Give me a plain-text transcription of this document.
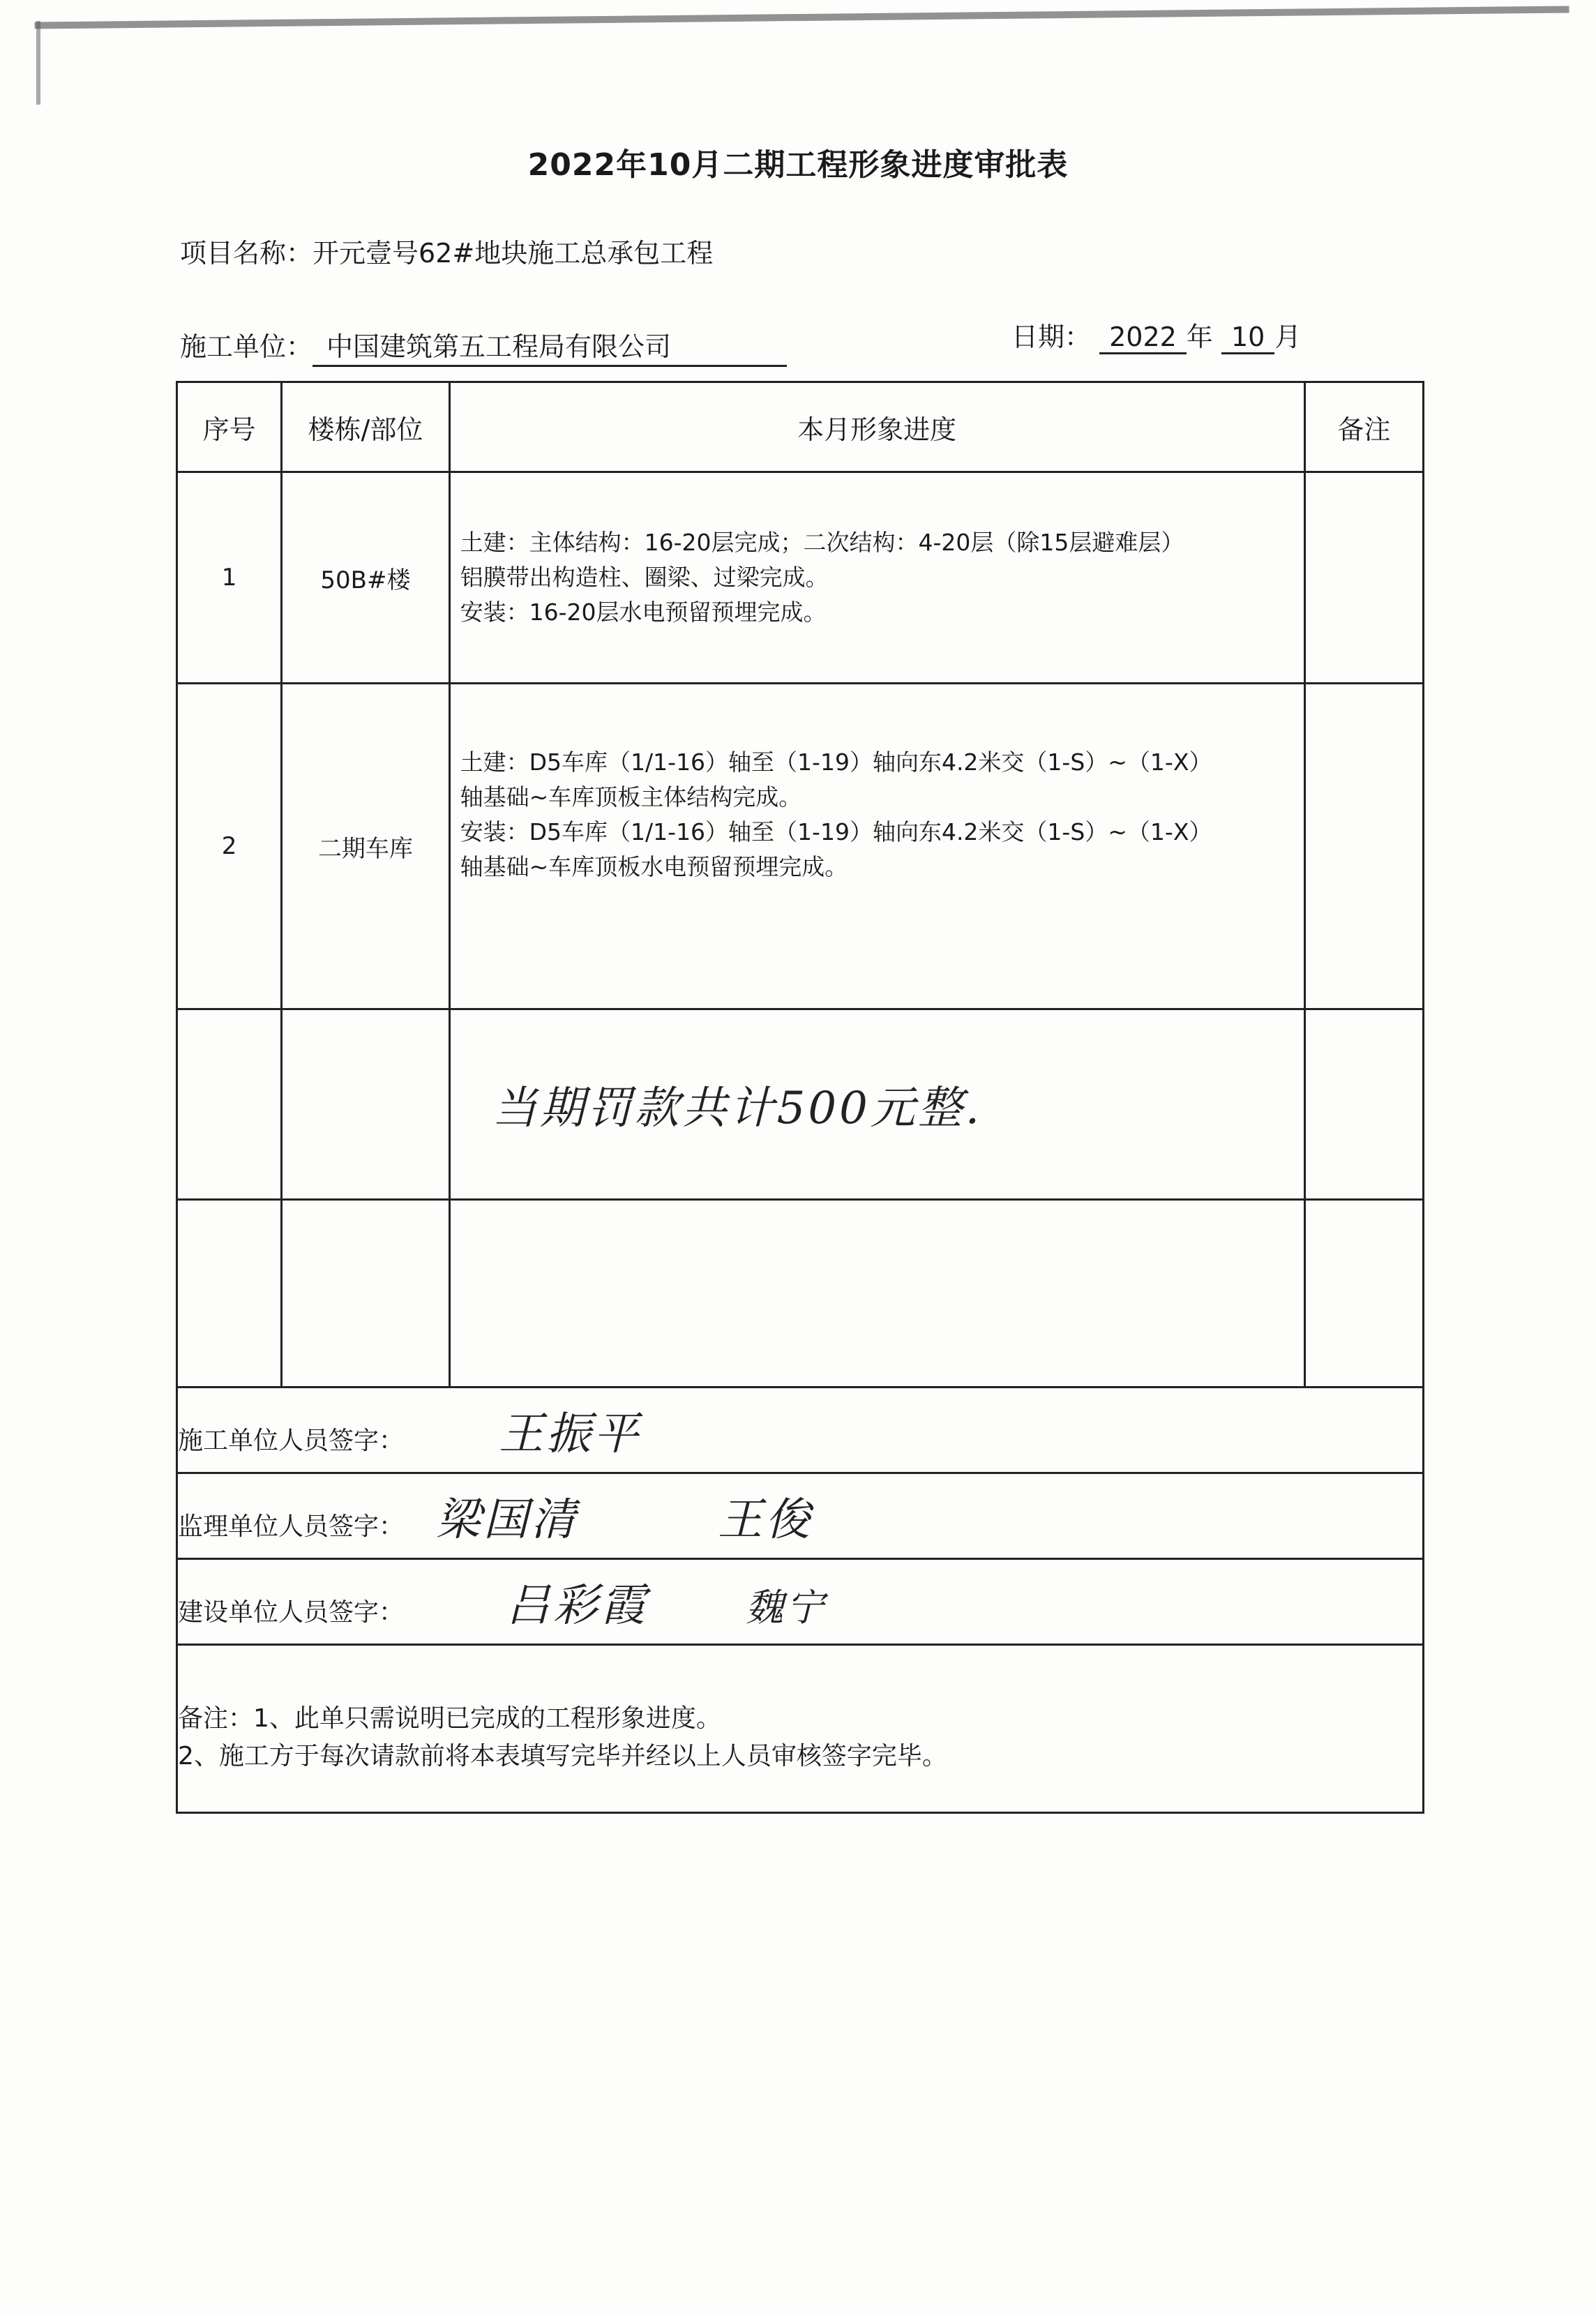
2022年10月二期工程形象进度审批表
项目名称：开元壹号62#地块施工总承包工程
施工单位： 中国建筑第五工程局有限公司	日期： 2022 年 10 月
序号	楼栋/部位	本月形象进度	备注
1	50B#楼	土建：主体结构：16-20层完成；二次结构：4-20层（除15层避难层）
铝膜带出构造柱、圈梁、过梁完成。
安装：16-20层水电预留预埋完成。	

2	二期车库	土建：D5车库（1/1-16）轴至（1-19）轴向东4.2米交（1-S）~（1-X）
轴基础~车库顶板主体结构完成。
安装：D5车库（1/1-16）轴至（1-19）轴向东4.2米交（1-S）~（1-X）
轴基础~车库顶板水电预留预埋完成。	

		当期罚款共计500元整.	

施工单位人员签字： 王振平			
监理单位人员签字： 梁国清 王俊			
建设单位人员签字： 吕彩霞 魏宁			

备注：1、此单只需说明已完成的工程形象进度。
2、施工方于每次请款前将本表填写完毕并经以上人员审核签字完毕。			
